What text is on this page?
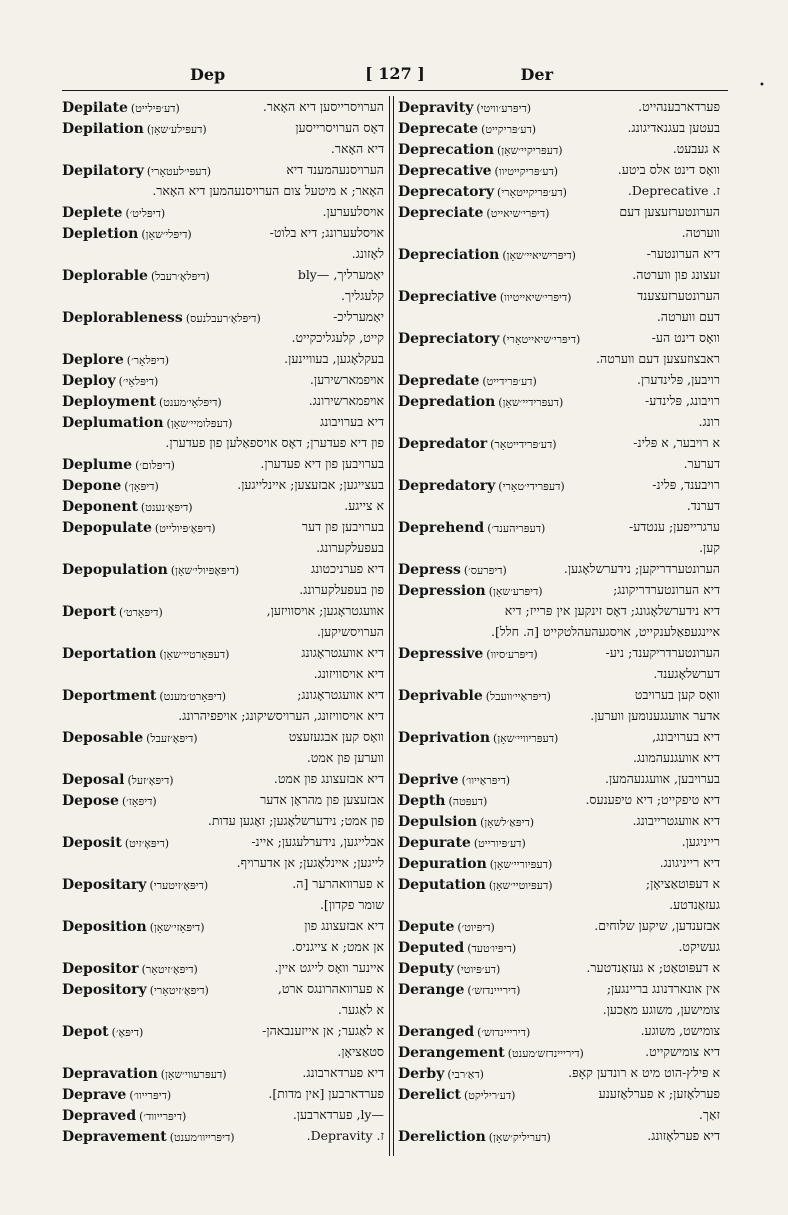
Dep	[ 127 ]	Der
•
Depilate (דע׳פּילייט)	הערויסרייסען דיא האָאר.
Depilation (דעפּילע׳שאָן)	דאָס הערויסרייסען
דיא האָאר.
Depilatory (דעפּי׳לעטאָרי)	הערויסנעהמענד דיא
האָאר; א מיטעל צום הערויסנעהמען דיא האָאר.
Deplete (דיפּליט׳)	אויסלעערען.
Depletion (דיפּלי׳שאָן)	אויסלעערונג; דיא בלוט-
לאָזונג.
Deplorable (דיפּלאָ׳רעבל)	יאַמערליך, —bly
קלעגליך.
Deplorableness (דיפּלאָ׳רעבלנעס)	יאַמערליכ-
קייט, קלעגליכקייט.
Deplore (דיפּלאָר׳)	בעקלאָגען, בעוויינען.
Deploy (דיפּלאָי׳)	אויפמארשירען.
Deployment (דיפּלאָי׳מענט)	אויפמארשירונג.
Deplumation (דעפּלומיי׳שאָן)	דיא בערויבונג
פון דיא פעדערן; דאָס אויספאַלען פון פעדערן.
Deplume (דיפּלום׳)	בערויבען פון דיא פעדערן.
Depone (דיפּאָן׳)	בעצייגען; אבזעצען; איינלייגען.
Deponent (דיפּאָ׳נענט)	א צייגע.
Depopulate (דיפּאָ׳פּיולייט)	בערויבען פון דער
בעפעלקערונג.
Depopulation (דיפּאָפּיולי׳שאָן)	דיא פערניכטונג
פון בעפעלקערונג.
Deport (דיפּאָרט׳)	אוועגטראָגען; אויסוויזען,
הערויסשיקען.
Deportation (דעפּאָרטיי׳שאָן)	דיא אוועגטראָגונג
דיא אויסוויזונג.
Deportment (דיפּאָרט׳מענט)	דיא אוועגטראָגונג;
דיא אויסוויזונג, הערויסשיקונג; אויפפיהרונג.
Deposable (דיפּאָ׳זעבל)	וואָס קען אבגעזעצט
ווערען פון אמט.
Deposal (דיפּאָ׳זעל)	דיא אבזעצונג פון אמט.
Depose (דיפּאָז׳)	אבזעצען פון מהראָן אדער
פון אמט; נידערשלאָגען; זאָגען עדות.
Deposit (דיפּאָ׳זיט)	אבלייגען, נידערלעגען; איינ-
לייגען; איינלאָגען; אן אדערויף.
Depositary (דיפּאָ׳זיטערי)	א פערוואהרער [ה.
שומר פקדון].
Deposition (דיפּאָזי׳שאָן)	דיא אבזעצונג פון
אן אמט; א צייגניס.
Depositor (דיפּאָ׳זיטאָר)	איינער וואָס לייגט איין.
Depository (דיפּאָ׳זיטאָרי)	א פערוואהרונגס ארט,
א לאַגער.
Depot (דיפּאָ׳)	א לאַגער; אן אייזענבאהן-
סטאַציאָן.
Depravation (דעפּרעווי׳שאָן)	דיא פערדארבונג.
Deprave (דיפּרייוו׳)	פערדארבען [אין מדות].
Depraved (דיפּרייווד׳)	—ly, פערדארבען.
Depravement (דיפּרייוו׳מענט)	ז. Depravity.
Depravity (דיפּרע׳וויטי)	פערדארבענהייט.
Deprecate (דע׳פּריקייט)	בעטען בעגנאדיגונג.
Deprecation (דעפּריקיי׳שאָן)	א געבעט.
Deprecative (דע׳פּריקייטיוו)	וואָס דינט אלס ביטע.
Deprecatory (דע׳פּריקייטאָרי)	ז. Deprecative.
Depreciate (דיפּרי׳שיאייט)	הערונטערזעצען דעם
ווערטה.
Depreciation (דיפּרישיאיי׳שאָן)	דיא הערונטער-
זעצונג פון ווערטה.
Depreciative (דיפּרי׳שיאייטיוו)	הערונטערזעצענד
דעם ווערטה.
Depreciatory (דיפּרי׳שיאייטאָרי)	וואָס דינט הע-
ראבצוזעצען דעם ווערטה.
Depredate (דע׳פּרידייט)	רויבען, פּלינדערן.
Depredation (דעפּרידיי׳שאָן)	רויבונג, פּלינדע-
רונג.
Depredator (דע׳פּרידייטאָר)	א רויבער, א פּלינ-
דערער.
Depredatory (דעפּרידי׳טאָרי)	רויבענד, פּלינ-
דערנד.
Deprehend (דעפּריהענד׳)	ערגרייפען; ענטדע-
קען.
Depress (דיפּרעס׳)	הערונטערדריקען; נידערשלאָגען.
Depression (דיפּרע׳שאָן)	דיא הערונטערדריקונג;
דיא נידערשלאָגונג; דאָס זינקען אין פּרייז; דיא
איינגעפאַלענקייט, אויסגעהעהלטקייט [ה. חלל].
Depressive (דיפּרע׳סיוו)	הערונטערדריקענד; ניע-
דערשלאָגענד.
Deprivable (דיפּראַיי׳וועבל)	וואָס קען בערויבט
אדער אוועגגענומען ווערען.
Deprivation (דעפּריוויי׳שאָן)	דיא בערויבונג,
דיא אוועגנעהמונג.
Deprive (דיפּראַייוו׳)	בערויבען, אוועגנעהמען.
Depth (דעפּטה)	דיא טיפקייט; דיא טיפענעס.
Depulsion (דיפּאַ׳לשאָן)	דיא אוועגטרייבונג.
Depurate (דע׳פּיורייט)	רייניגען.
Depuration (דעפּיוריי׳שאָן)	דיא רייניגונג.
Deputation (דעפּיוטיי׳שאָן)	א דעפּוטאַציאָן;
געזאַנדטע.
Depute (דיפּיוט׳)	אבזענדען, שיקען שלוחים.
Deputed (דיפּיו׳טעד)	געשיקט.
Deputy (דע׳פּיוטי)	א דעפּוטאַט; א געזאַנדטער.
Derange (דירייינדזש׳)	אין אונארדנונג בריינגען;
צומישען, משוגע מאַכען.
Deranged (דירייינדזש׳)	צומישט, משוגע.
Derangement (דירייינדזש׳מענט)	דיא צומישקייט.
Derby (דאַ׳רבי)	א פּילץ-הוט מיט א רונדען קאָפּ.
Derelict (דע׳ריליקט)	פערלאָזען; א פערלאָזענע
זאַך.
Dereliction (דעריליק׳שאָן)	דיא פערלאָזונג.
